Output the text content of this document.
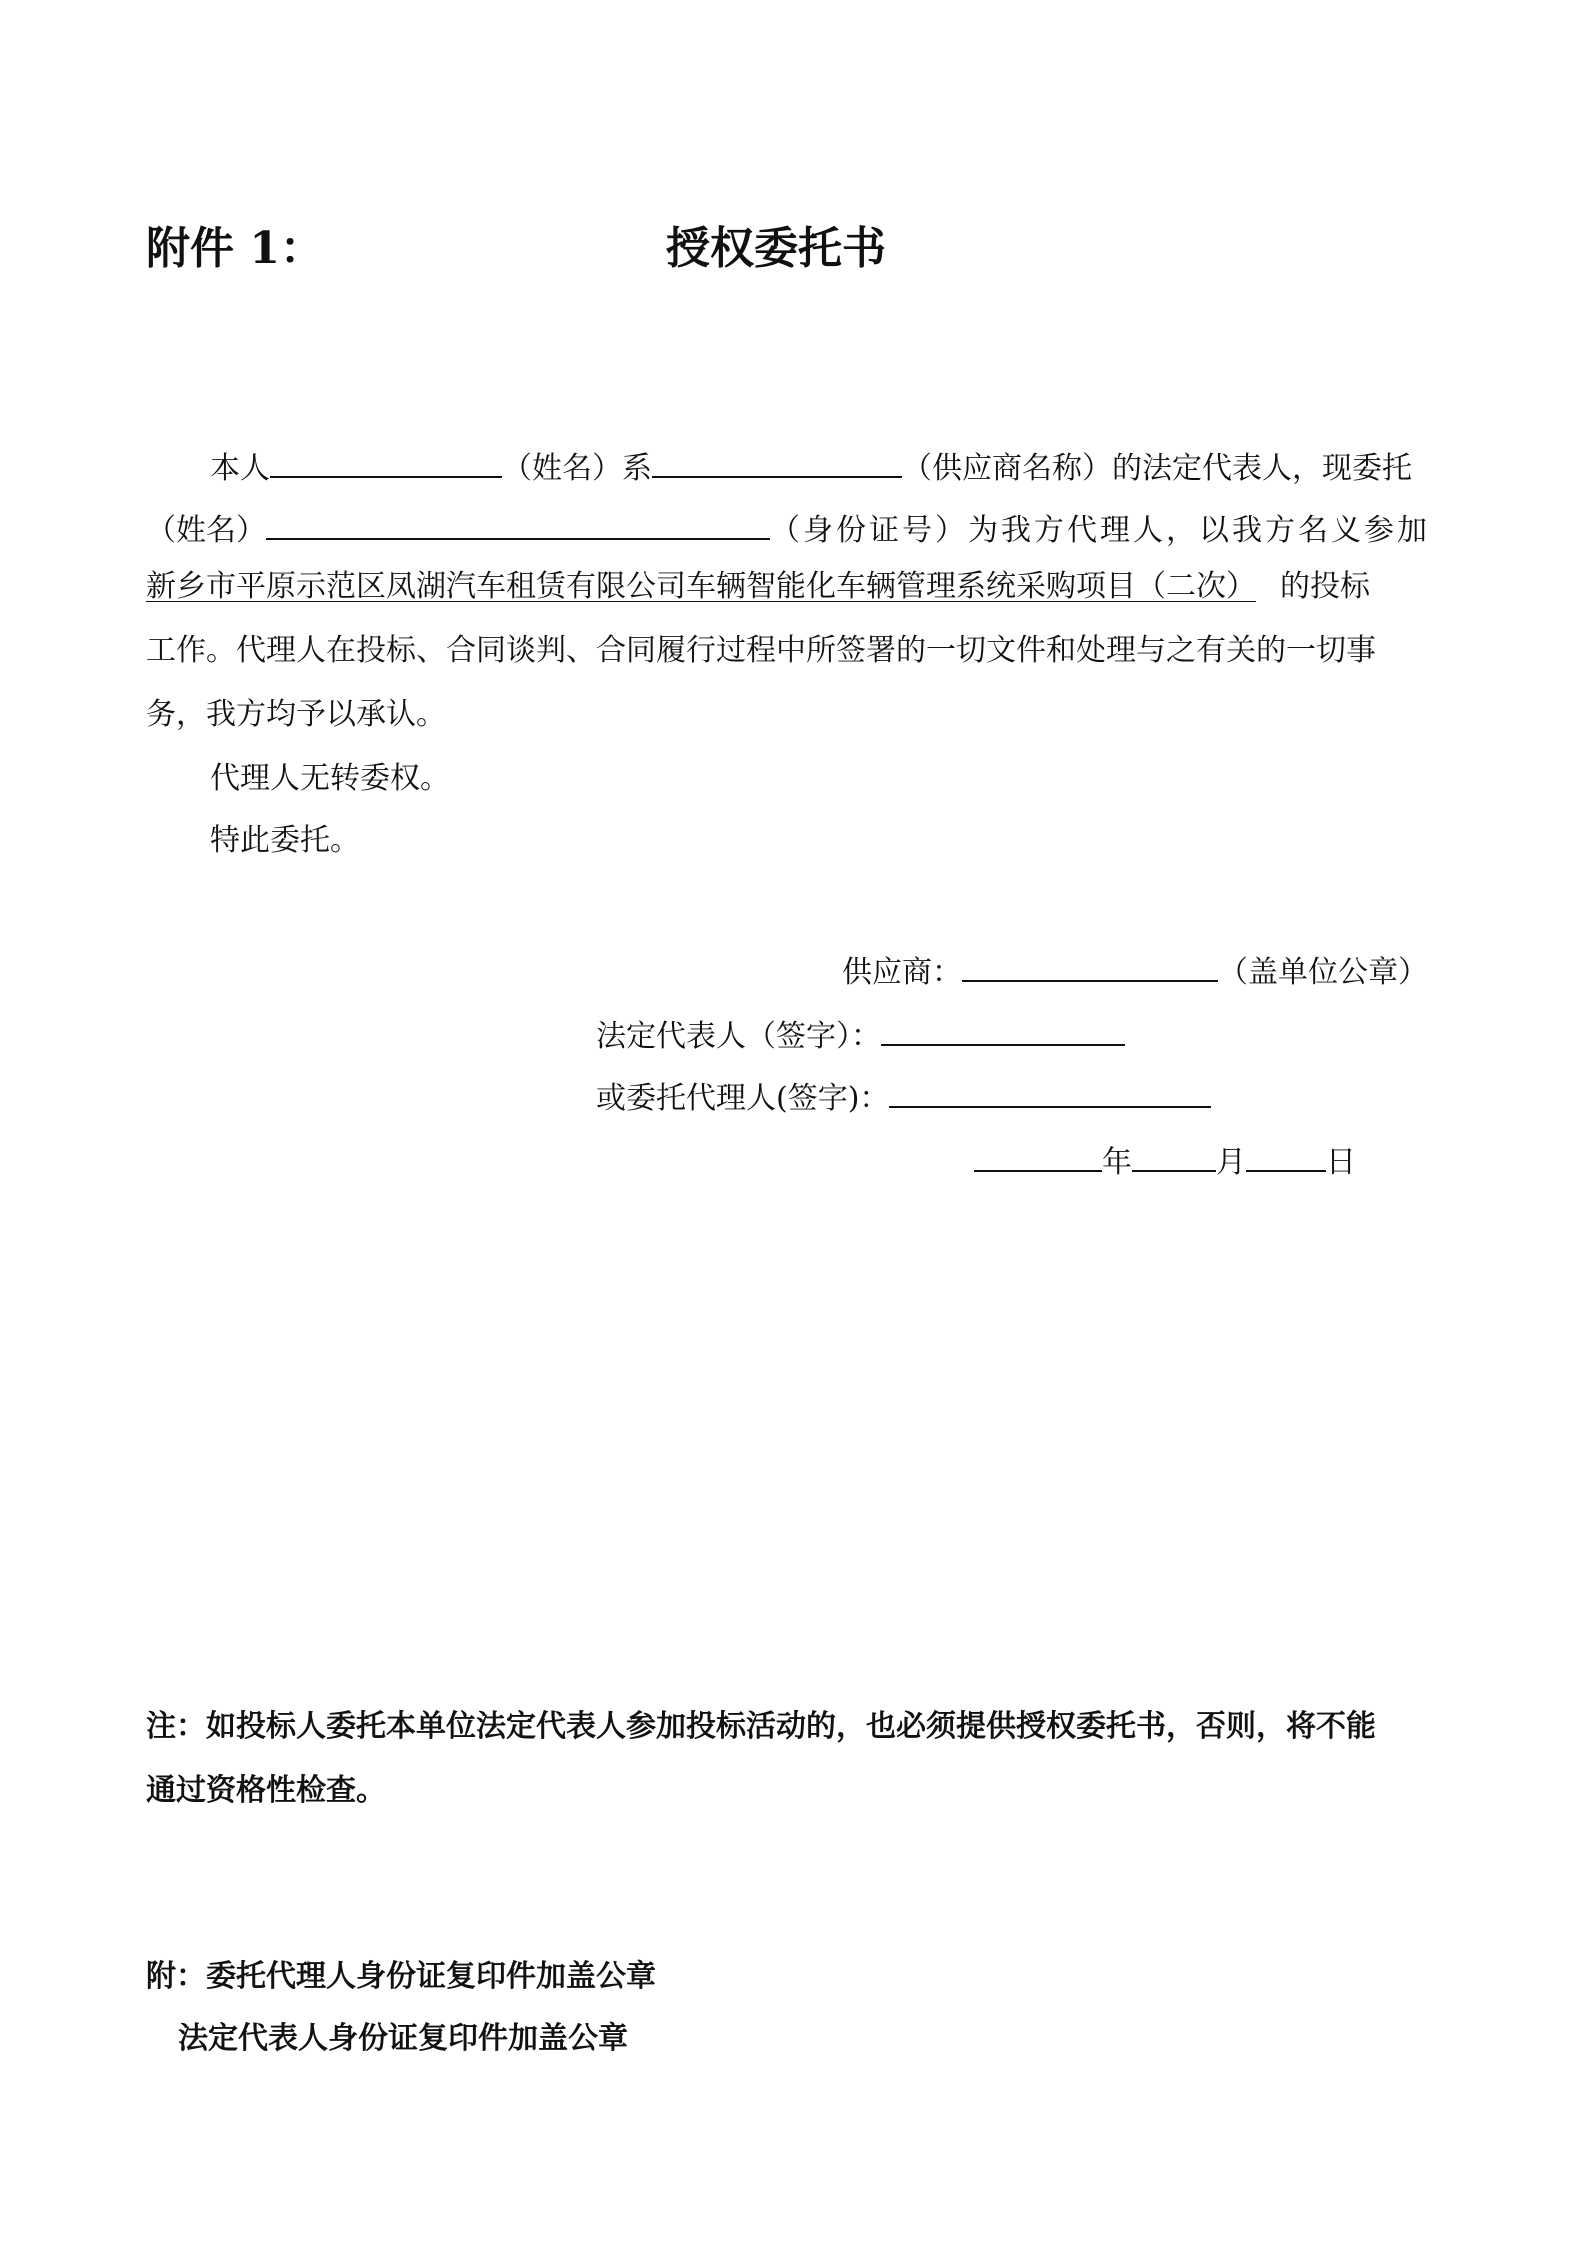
附件 1：	授权委托书
本人	（姓名）系	（供应商名称）的法定代表人，现委托
（姓名）	（身份证号）为我方代理人，以我方名义参加
新乡市平原示范区凤湖汽车租赁有限公司车辆智能化车辆管理系统采购项目（二次） 的投标
工作。代理人在投标、合同谈判、合同履行过程中所签署的一切文件和处理与之有关的一切事
务，我方均予以承认。
代理人无转委权。
特此委托。
供应商：	（盖单位公章）
法定代表人（签字）：
或委托代理人(签字)：
年	月	日
注：如投标人委托本单位法定代表人参加投标活动的，也必须提供授权委托书，否则，将不能
通过资格性检查。
附：委托代理人身份证复印件加盖公章
法定代表人身份证复印件加盖公章
